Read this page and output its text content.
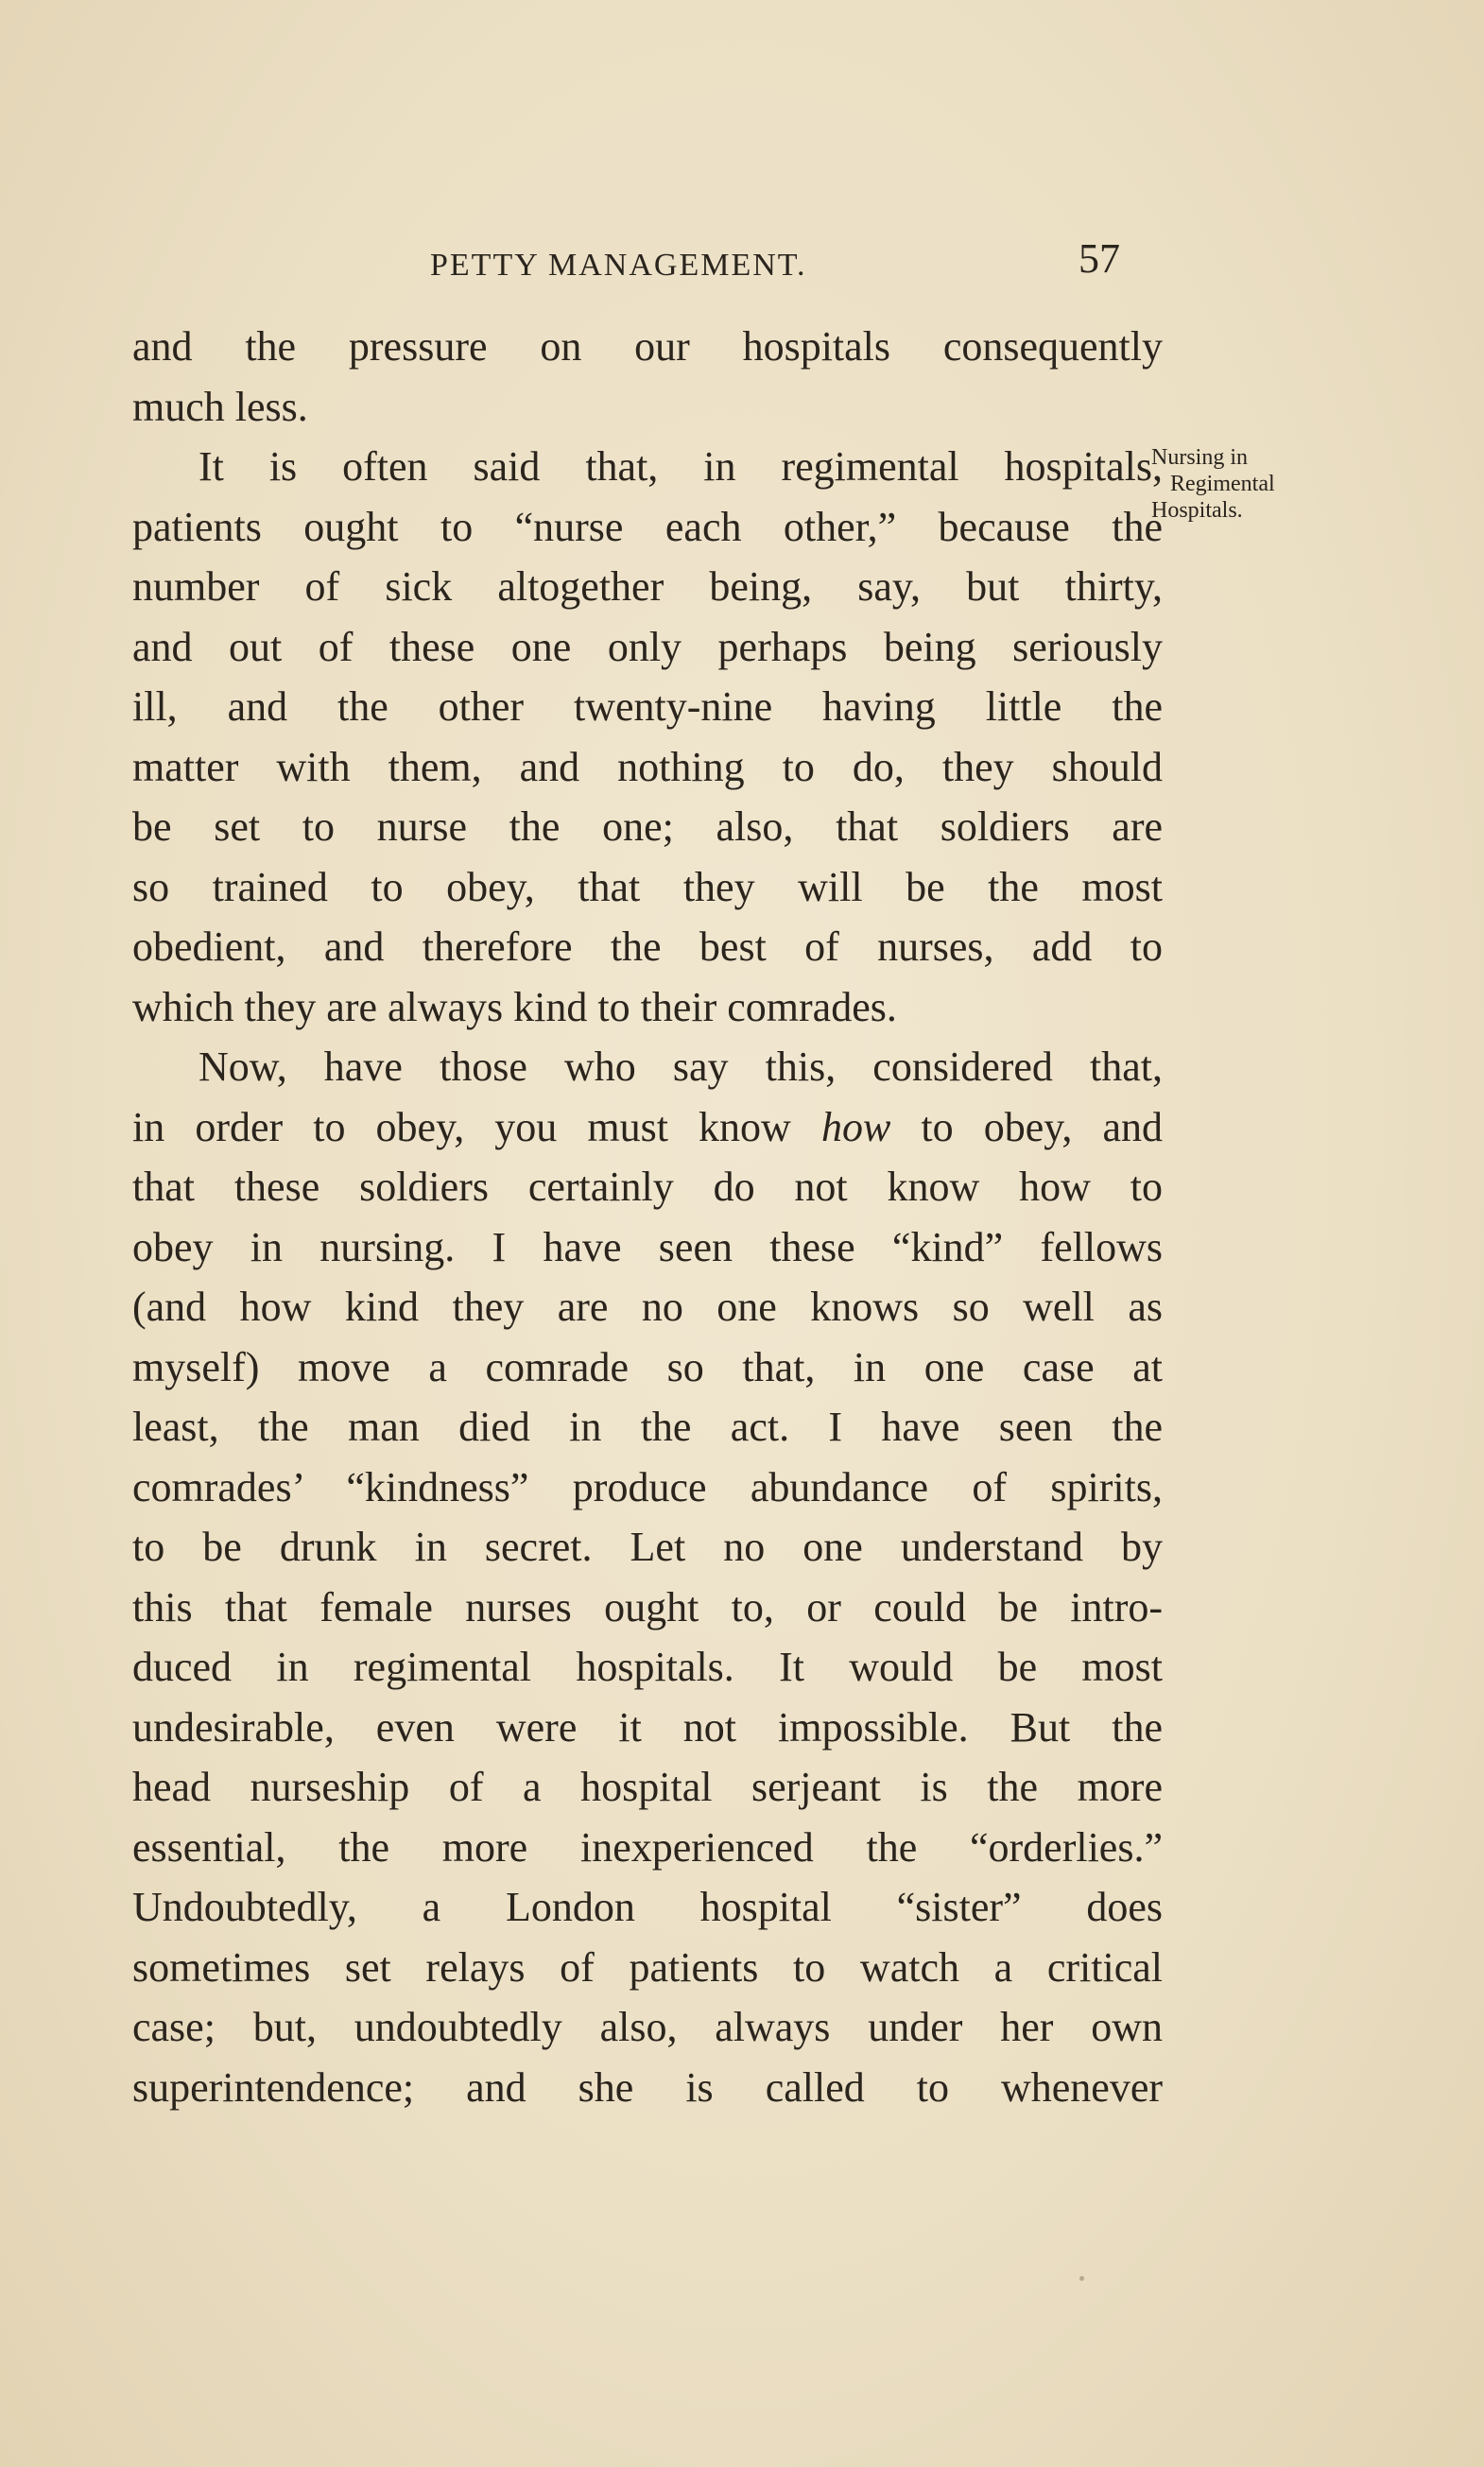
PETTY MANAGEMENT.	57
and the pressure on our hospitals consequently
much less.
It is often said that, in regimental hospitals,
patients ought to “nurse each other,” because the
number of sick altogether being, say, but thirty,
and out of these one only perhaps being seriously
ill, and the other twenty-nine having little the
matter with them, and nothing to do, they should
be set to nurse the one; also, that soldiers are
so trained to obey, that they will be the most
obedient, and therefore the best of nurses, add to
which they are always kind to their comrades.
Now, have those who say this, considered that,
in order to obey, you must know how to obey, and
that these soldiers certainly do not know how to
obey in nursing. I have seen these “kind” fellows
(and how kind they are no one knows so well as
myself) move a comrade so that, in one case at
least, the man died in the act. I have seen the
comrades’ “kindness” produce abundance of spirits,
to be drunk in secret. Let no one understand by
this that female nurses ought to, or could be intro-
duced in regimental hospitals. It would be most
undesirable, even were it not impossible. But the
head nurseship of a hospital serjeant is the more
essential, the more inexperienced the “orderlies.”
Undoubtedly, a London hospital “sister” does
sometimes set relays of patients to watch a critical
case; but, undoubtedly also, always under her own
superintendence; and she is called to whenever
Nursing in
Regimental
Hospitals.
